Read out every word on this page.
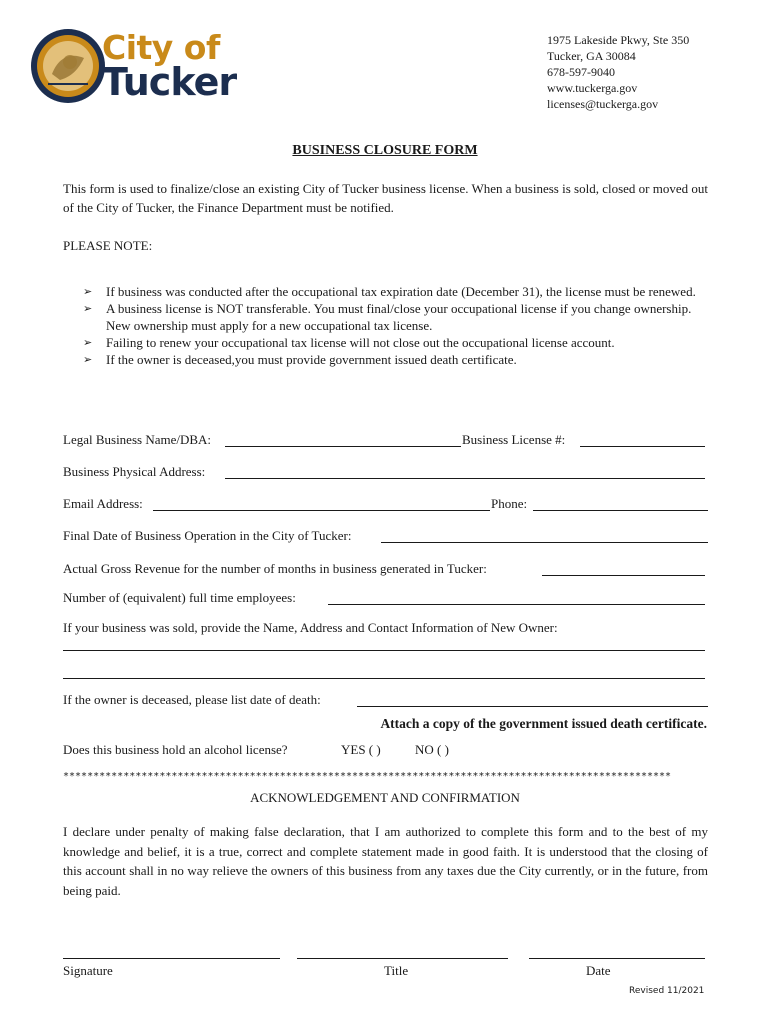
City of
Tucker
1975 Lakeside Pkwy, Ste 350
Tucker, GA 30084
678-597-9040
www.tuckerga.gov
licenses@tuckerga.gov
BUSINESS CLOSURE FORM
This form is used to finalize/close an existing City of Tucker business license. When a business is sold, closed or moved out of the City of Tucker, the Finance Department must be notified.
PLEASE NOTE:
➢ If business was conducted after the occupational tax expiration date (December 31), the license must be renewed.
➢ A business license is NOT transferable. You must final/close your occupational license if you change ownership. New ownership must apply for a new occupational tax license.
➢ Failing to renew your occupational tax license will not close out the occupational license account.
➢ If the owner is deceased,you must provide government issued death certificate.
Legal Business Name/DBA:	Business License #:
Business Physical Address:
Email Address:	Phone:
Final Date of Business Operation in the City of Tucker:
Actual Gross Revenue for the number of months in business generated in Tucker:
Number of (equivalent) full time employees:
If your business was sold, provide the Name, Address and Contact Information of New Owner:
If the owner is deceased, please list date of death:
Attach a copy of the government issued death certificate.
Does this business hold an alcohol license?	YES ( )	NO ( )
*****************************************************************************************************
ACKNOWLEDGEMENT AND CONFIRMATION
I declare under penalty of making false declaration, that I am authorized to complete this form and to the best of my knowledge and belief, it is a true, correct and complete statement made in good faith. It is understood that the closing of this account shall in no way relieve the owners of this business from any taxes due the City currently, or in the future, from being paid.
Signature	Title	Date
Revised 11/2021
